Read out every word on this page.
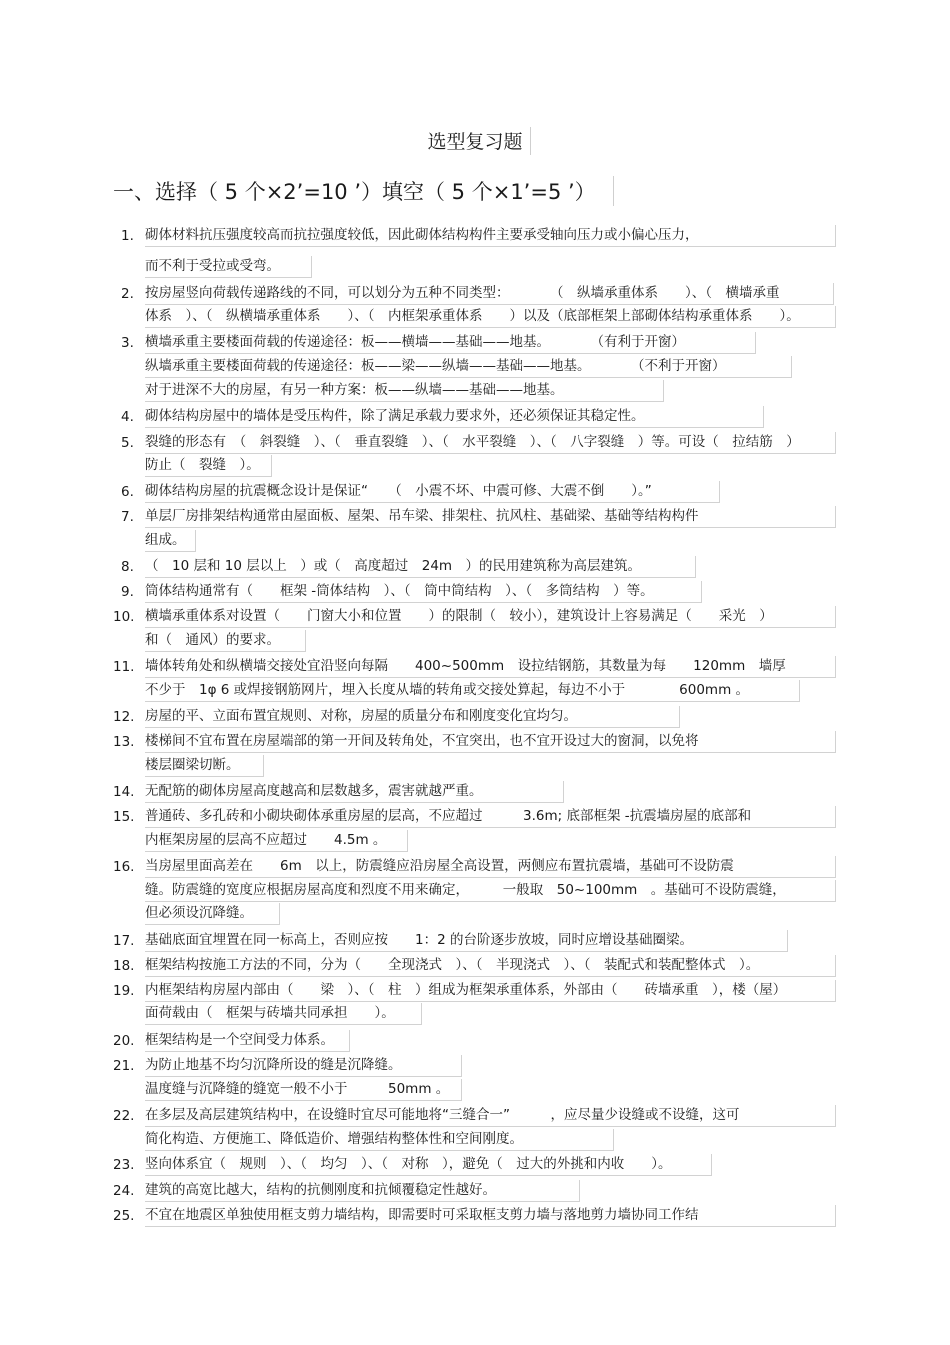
选型复习题
一、选择（ 5 个×2’=10 ’）填空（ 5 个×1’=5 ’）
1. 砌体材料抗压强度较高而抗拉强度较低，因此砌体结构构件主要承受轴向压力或小偏心压力，
而不利于受拉或受弯。
2. 按房屋竖向荷载传递路线的不同，可以划分为五种不同类型：　　　　（　纵墙承重体系　　）、（　横墙承重
体系　）、（　纵横墙承重体系　　）、（　内框架承重体系　　）以及（底部框架上部砌体结构承重体系　　）。
3. 横墙承重主要楼面荷载的传递途径：板——横墙——基础——地基。　　　　（有利于开窗）
纵墙承重主要楼面荷载的传递途径：板——梁——纵墙——基础——地基。　　　　（不利于开窗）
对于进深不大的房屋，有另一种方案：板——纵墙——基础——地基。
4. 砌体结构房屋中的墙体是受压构件，除了满足承载力要求外，还必须保证其稳定性。
5. 裂缝的形态有　（　斜裂缝　）、（　垂直裂缝　）、（　水平裂缝　）、（　八字裂缝　）等。可设（　拉结筋　）
防止（　裂缝　）。
6. 砌体结构房屋的抗震概念设计是保证“　　（　小震不坏、中震可修、大震不倒　　）。”
7. 单层厂房排架结构通常由屋面板、屋架、吊车梁、排架柱、抗风柱、基础梁、基础等结构构件
组成。
8. （　10 层和 10 层以上　）或（　高度超过　24m　）的民用建筑称为高层建筑。
9. 筒体结构通常有（　　框架 -筒体结构　）、（　筒中筒结构　）、（　多筒结构　）等。
10. 横墙承重体系对设置（　　门窗大小和位置　　）的限制（　较小），建筑设计上容易满足（　　采光　）
和（　通风）的要求。
11. 墙体转角处和纵横墙交接处宜沿竖向每隔　　400~500mm　设拉结钢筋，其数量为每　　120mm　墙厚
不少于　1φ 6 或焊接钢筋网片，埋入长度从墙的转角或交接处算起，每边不小于　　　　600mm 。
12. 房屋的平、立面布置宜规则、对称，房屋的质量分布和刚度变化宜均匀。
13. 楼梯间不宜布置在房屋端部的第一开间及转角处，不宜突出，也不宜开设过大的窗洞，以免将
楼层圈梁切断。
14. 无配筋的砌体房屋高度越高和层数越多，震害就越严重。
15. 普通砖、多孔砖和小砌块砌体承重房屋的层高，不应超过　　　3.6m; 底部框架 -抗震墙房屋的底部和
内框架房屋的层高不应超过　　4.5m 。
16. 当房屋里面高差在　　6m　以上，防震缝应沿房屋全高设置，两侧应布置抗震墙，基础可不设防震
缝。防震缝的宽度应根据房屋高度和烈度不用来确定，　　　一般取　50~100mm　。基础可不设防震缝，
但必须设沉降缝。
17. 基础底面宜埋置在同一标高上，否则应按　　1：2 的台阶逐步放坡，同时应增设基础圈梁。
18. 框架结构按施工方法的不同，分为（　　全现浇式　）、（　半现浇式　）、（　装配式和装配整体式　）。
19. 内框架结构房屋内部由（　　梁　）、（　柱　）组成为框架承重体系，外部由（　　砖墙承重　），楼（屋）
面荷载由（　框架与砖墙共同承担　　）。
20. 框架结构是一个空间受力体系。
21. 为防止地基不均匀沉降所设的缝是沉降缝。
温度缝与沉降缝的缝宽一般不小于　　　50mm 。
22. 在多层及高层建筑结构中，在设缝时宜尽可能地将“三缝合一”　　　，应尽量少设缝或不设缝，这可
简化构造、方便施工、降低造价、增强结构整体性和空间刚度。
23. 竖向体系宜（　规则　）、（　均匀　）、（　对称　），避免（　过大的外挑和内收　　）。
24. 建筑的高宽比越大，结构的抗侧刚度和抗倾覆稳定性越好。
25. 不宜在地震区单独使用框支剪力墙结构，即需要时可采取框支剪力墙与落地剪力墙协同工作结
